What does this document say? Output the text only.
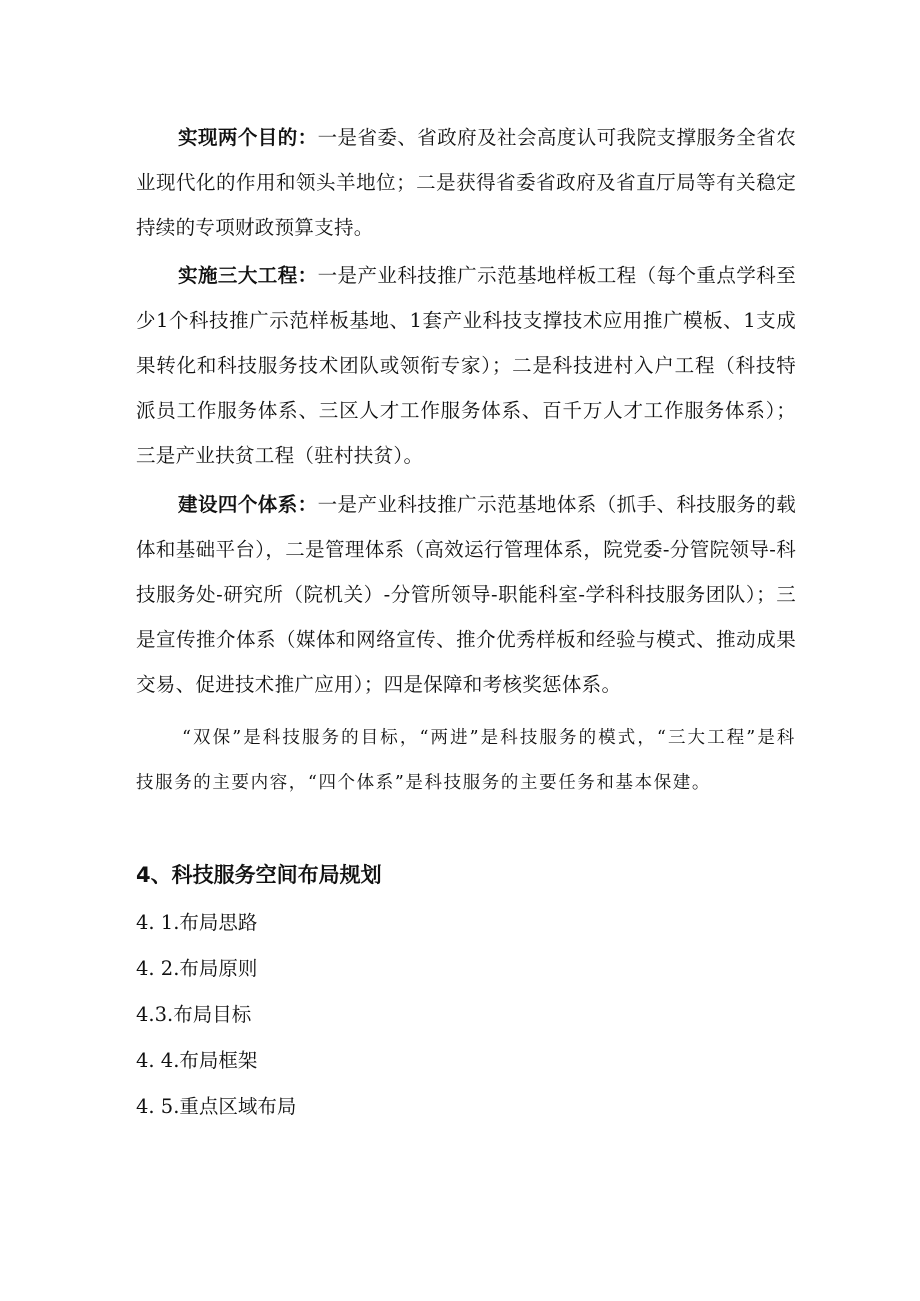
实现两个目的：一是省委、省政府及社会高度认可我院支撑服务全省农业现代化的作用和领头羊地位；二是获得省委省政府及省直厅局等有关稳定持续的专项财政预算支持。

实施三大工程：一是产业科技推广示范基地样板工程（每个重点学科至少1个科技推广示范样板基地、1套产业科技支撑技术应用推广模板、1支成果转化和科技服务技术团队或领衔专家）；二是科技进村入户工程（科技特派员工作服务体系、三区人才工作服务体系、百千万人才工作服务体系）；三是产业扶贫工程（驻村扶贫）。

建设四个体系：一是产业科技推广示范基地体系（抓手、科技服务的载体和基础平台），二是管理体系（高效运行管理体系，院党委-分管院领导-科技服务处-研究所（院机关）-分管所领导-职能科室-学科科技服务团队）；三是宣传推介体系（媒体和网络宣传、推介优秀样板和经验与模式、推动成果交易、促进技术推广应用）；四是保障和考核奖惩体系。

“双保”是科技服务的目标，“两进”是科技服务的模式，“三大工程”是科技服务的主要内容，“四个体系”是科技服务的主要任务和基本保建。

4、科技服务空间布局规划

4. 1.布局思路

4. 2.布局原则

4.3.布局目标

4. 4.布局框架

4. 5.重点区域布局
